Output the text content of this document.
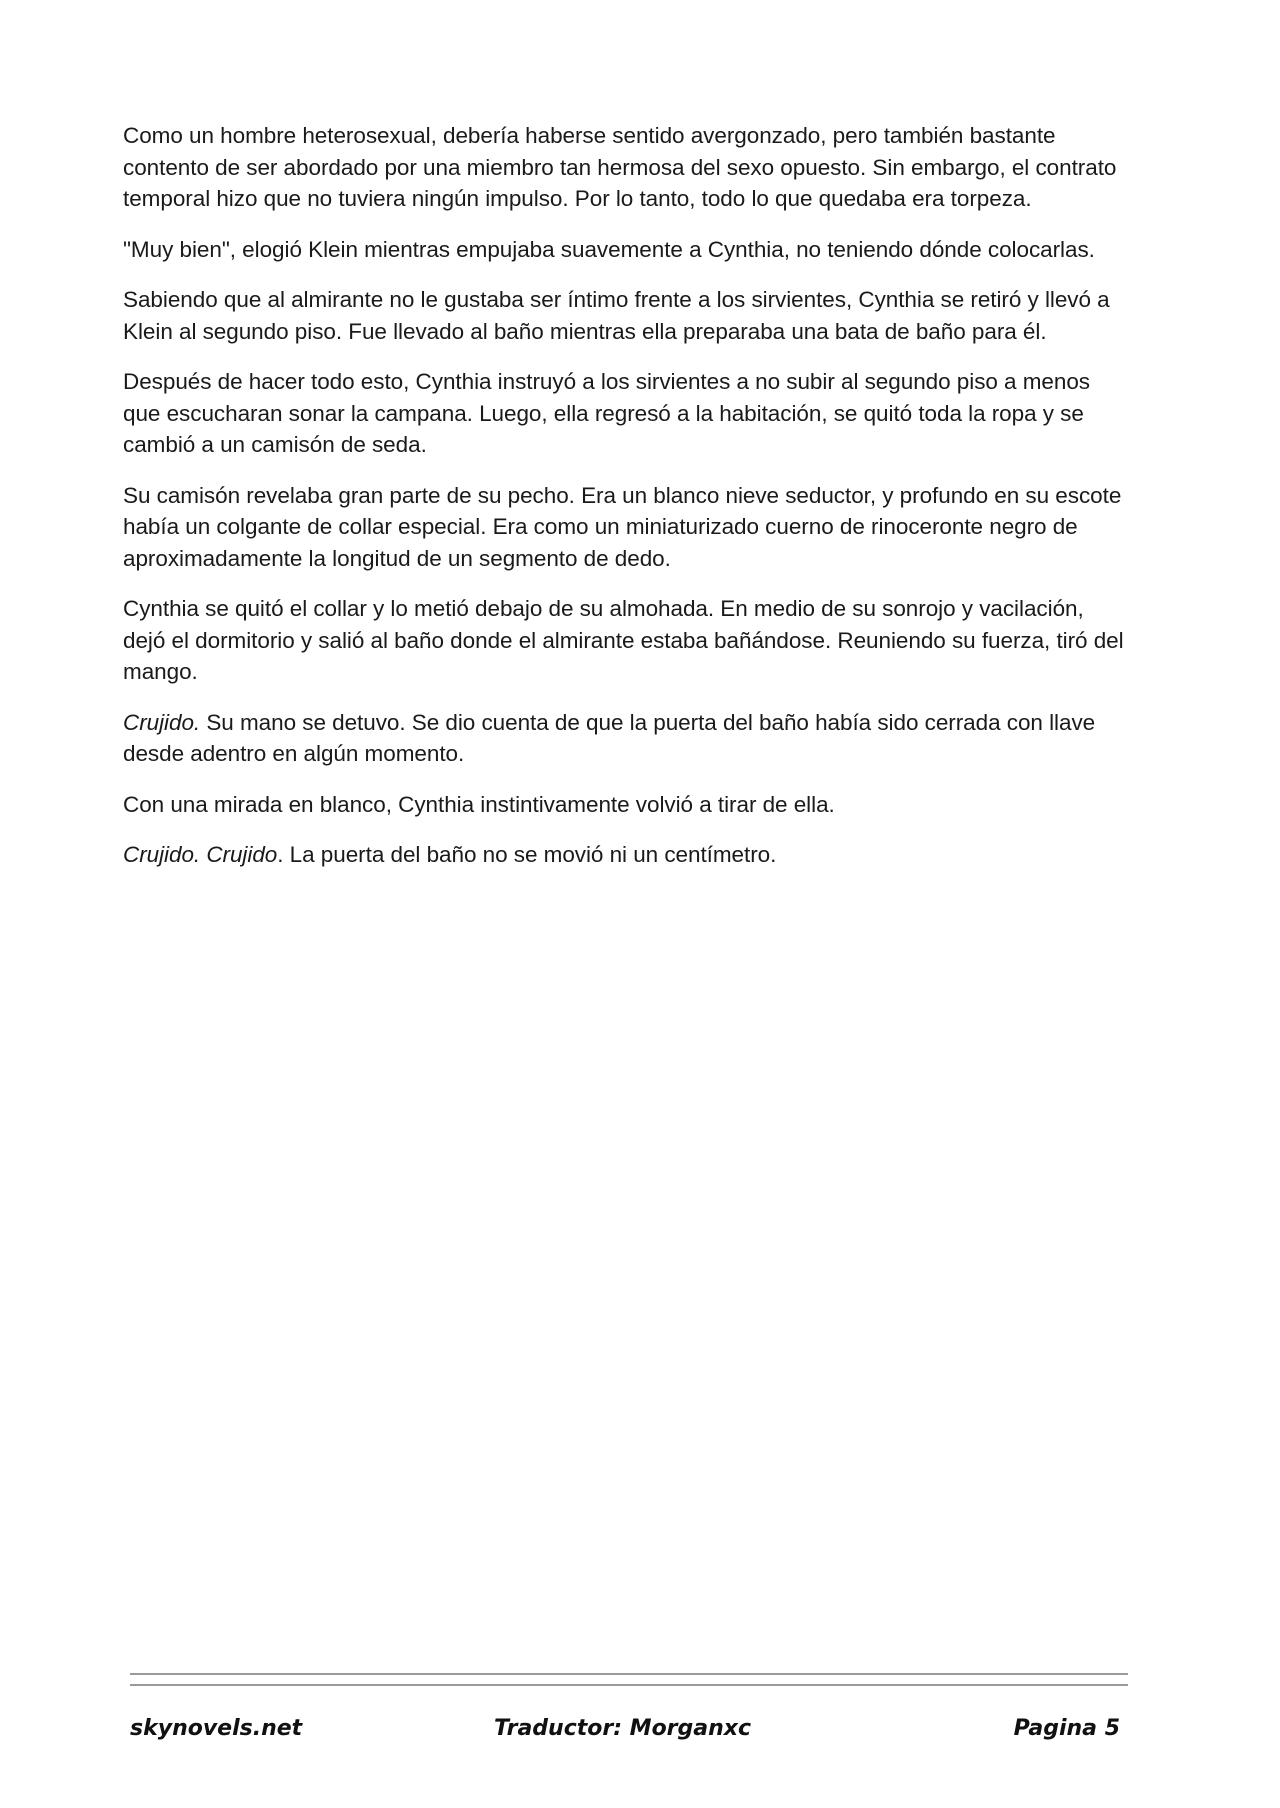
Como un hombre heterosexual, debería haberse sentido avergonzado, pero también bastante contento de ser abordado por una miembro tan hermosa del sexo opuesto. Sin embargo, el contrato temporal hizo que no tuviera ningún impulso. Por lo tanto, todo lo que quedaba era torpeza.

"Muy bien", elogió Klein mientras empujaba suavemente a Cynthia, no teniendo dónde colocarlas.

Sabiendo que al almirante no le gustaba ser íntimo frente a los sirvientes, Cynthia se retiró y llevó a Klein al segundo piso. Fue llevado al baño mientras ella preparaba una bata de baño para él.

Después de hacer todo esto, Cynthia instruyó a los sirvientes a no subir al segundo piso a menos que escucharan sonar la campana. Luego, ella regresó a la habitación, se quitó toda la ropa y se cambió a un camisón de seda.

Su camisón revelaba gran parte de su pecho. Era un blanco nieve seductor, y profundo en su escote había un colgante de collar especial. Era como un miniaturizado cuerno de rinoceronte negro de aproximadamente la longitud de un segmento de dedo.

Cynthia se quitó el collar y lo metió debajo de su almohada. En medio de su sonrojo y vacilación, dejó el dormitorio y salió al baño donde el almirante estaba bañándose. Reuniendo su fuerza, tiró del mango.

Crujido. Su mano se detuvo. Se dio cuenta de que la puerta del baño había sido cerrada con llave desde adentro en algún momento.

Con una mirada en blanco, Cynthia instintivamente volvió a tirar de ella.

Crujido. Crujido. La puerta del baño no se movió ni un centímetro.

skynovels.net	Traductor: Morganxc	Pagina 5
